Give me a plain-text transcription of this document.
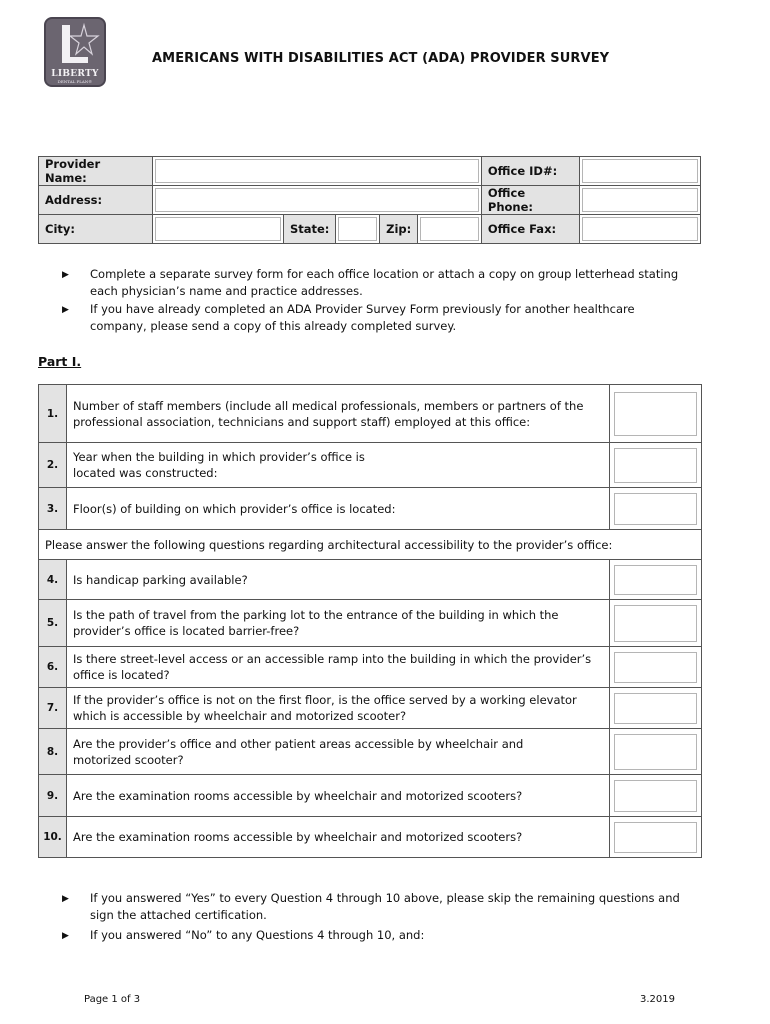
LIBERTY
DENTAL PLAN®
AMERICANS WITH DISABILITIES ACT (ADA) PROVIDER SURVEY
Provider Name:						Office ID#:	

Address:						Office Phone:	

City:		State:		Zip:		Office Fax:	
▶	Complete a separate survey form for each office location or attach a copy on group letterhead stating each physician’s name and practice addresses.
▶	If you have already completed an ADA Provider Survey Form previously for another healthcare company, please send a copy of this already completed survey.
Part I.
1.	Number of staff members (include all medical professionals, members or partners of the professional association, technicians and support staff) employed at this office:	

2.	Year when the building in which provider’s office is located was constructed:	

3.	Floor(s) of building on which provider’s office is located:	

Please answer the following questions regarding architectural accessibility to the provider’s office:		
4.	Is handicap parking available?	

5.	Is the path of travel from the parking lot to the entrance of the building in which the provider’s office is located barrier-free?	

6.	Is there street-level access or an accessible ramp into the building in which the provider’s office is located?	

7.	If the provider’s office is not on the first floor, is the office served by a working elevator which is accessible by wheelchair and motorized scooter?	

8.	Are the provider’s office and other patient areas accessible by wheelchair and motorized scooter?	

9.	Are the examination rooms accessible by wheelchair and motorized scooters?	

10.	Are the examination rooms accessible by wheelchair and motorized scooters?	
▶	If you answered “Yes” to every Question 4 through 10 above, please skip the remaining questions and sign the attached certification.
▶	If you answered “No” to any Questions 4 through 10, and:
Page 1 of 3	3.2019
